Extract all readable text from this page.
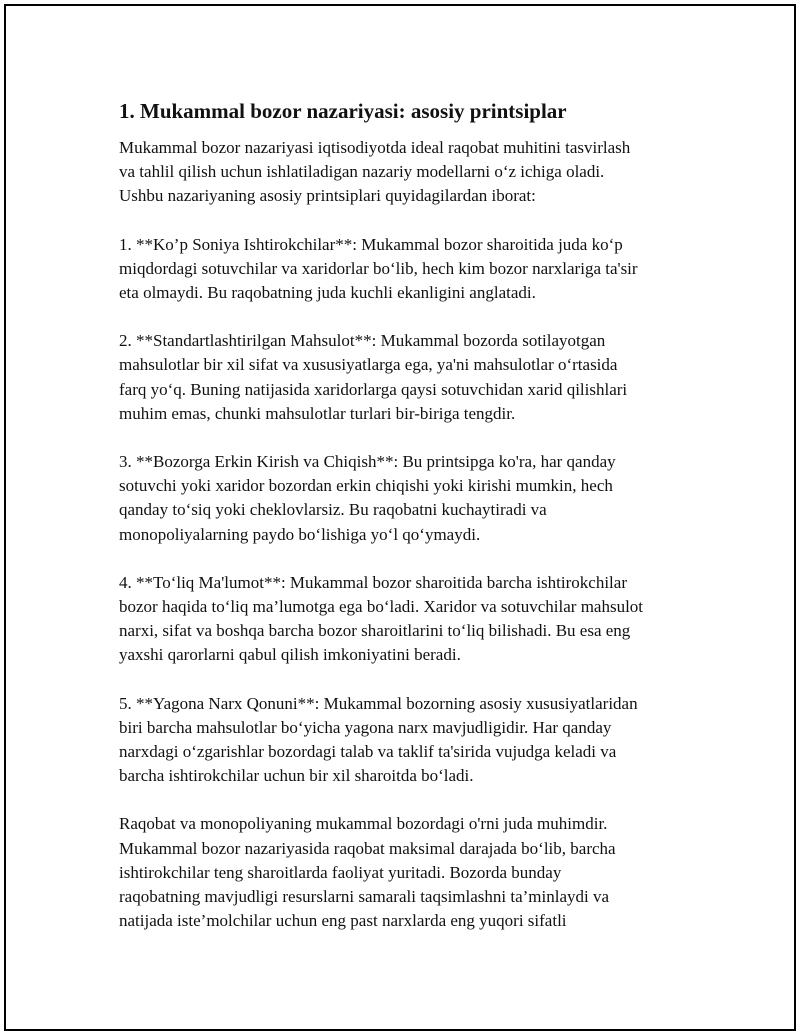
1. Mukammal bozor nazariyasi: asosiy printsiplar

Mukammal bozor nazariyasi iqtisodiyotda ideal raqobat muhitini tasvirlash
va tahlil qilish uchun ishlatiladigan nazariy modellarni o‘z ichiga oladi.
Ushbu nazariyaning asosiy printsiplari quyidagilardan iborat:

1. **Ko’p Soniya Ishtirokchilar**: Mukammal bozor sharoitida juda ko‘p
miqdordagi sotuvchilar va xaridorlar bo‘lib, hech kim bozor narxlariga ta'sir
eta olmaydi. Bu raqobatning juda kuchli ekanligini anglatadi.

2. **Standartlashtirilgan Mahsulot**: Mukammal bozorda sotilayotgan
mahsulotlar bir xil sifat va xususiyatlarga ega, ya'ni mahsulotlar o‘rtasida
farq yo‘q. Buning natijasida xaridorlarga qaysi sotuvchidan xarid qilishlari
muhim emas, chunki mahsulotlar turlari bir-biriga tengdir.

3. **Bozorga Erkin Kirish va Chiqish**: Bu printsipga ko'ra, har qanday
sotuvchi yoki xaridor bozordan erkin chiqishi yoki kirishi mumkin, hech
qanday to‘siq yoki cheklovlarsiz. Bu raqobatni kuchaytiradi va
monopoliyalarning paydo bo‘lishiga yo‘l qo‘ymaydi.

4. **To‘liq Ma'lumot**: Mukammal bozor sharoitida barcha ishtirokchilar
bozor haqida to‘liq ma’lumotga ega bo‘ladi. Xaridor va sotuvchilar mahsulot
narxi, sifat va boshqa barcha bozor sharoitlarini to‘liq bilishadi. Bu esa eng
yaxshi qarorlarni qabul qilish imkoniyatini beradi.

5. **Yagona Narx Qonuni**: Mukammal bozorning asosiy xususiyatlaridan
biri barcha mahsulotlar bo‘yicha yagona narx mavjudligidir. Har qanday
narxdagi o‘zgarishlar bozordagi talab va taklif ta'sirida vujudga keladi va
barcha ishtirokchilar uchun bir xil sharoitda bo‘ladi.

Raqobat va monopoliyaning mukammal bozordagi o'rni juda muhimdir.
Mukammal bozor nazariyasida raqobat maksimal darajada bo‘lib, barcha
ishtirokchilar teng sharoitlarda faoliyat yuritadi. Bozorda bunday
raqobatning mavjudligi resurslarni samarali taqsimlashni ta’minlaydi va
natijada iste’molchilar uchun eng past narxlarda eng yuqori sifatli
